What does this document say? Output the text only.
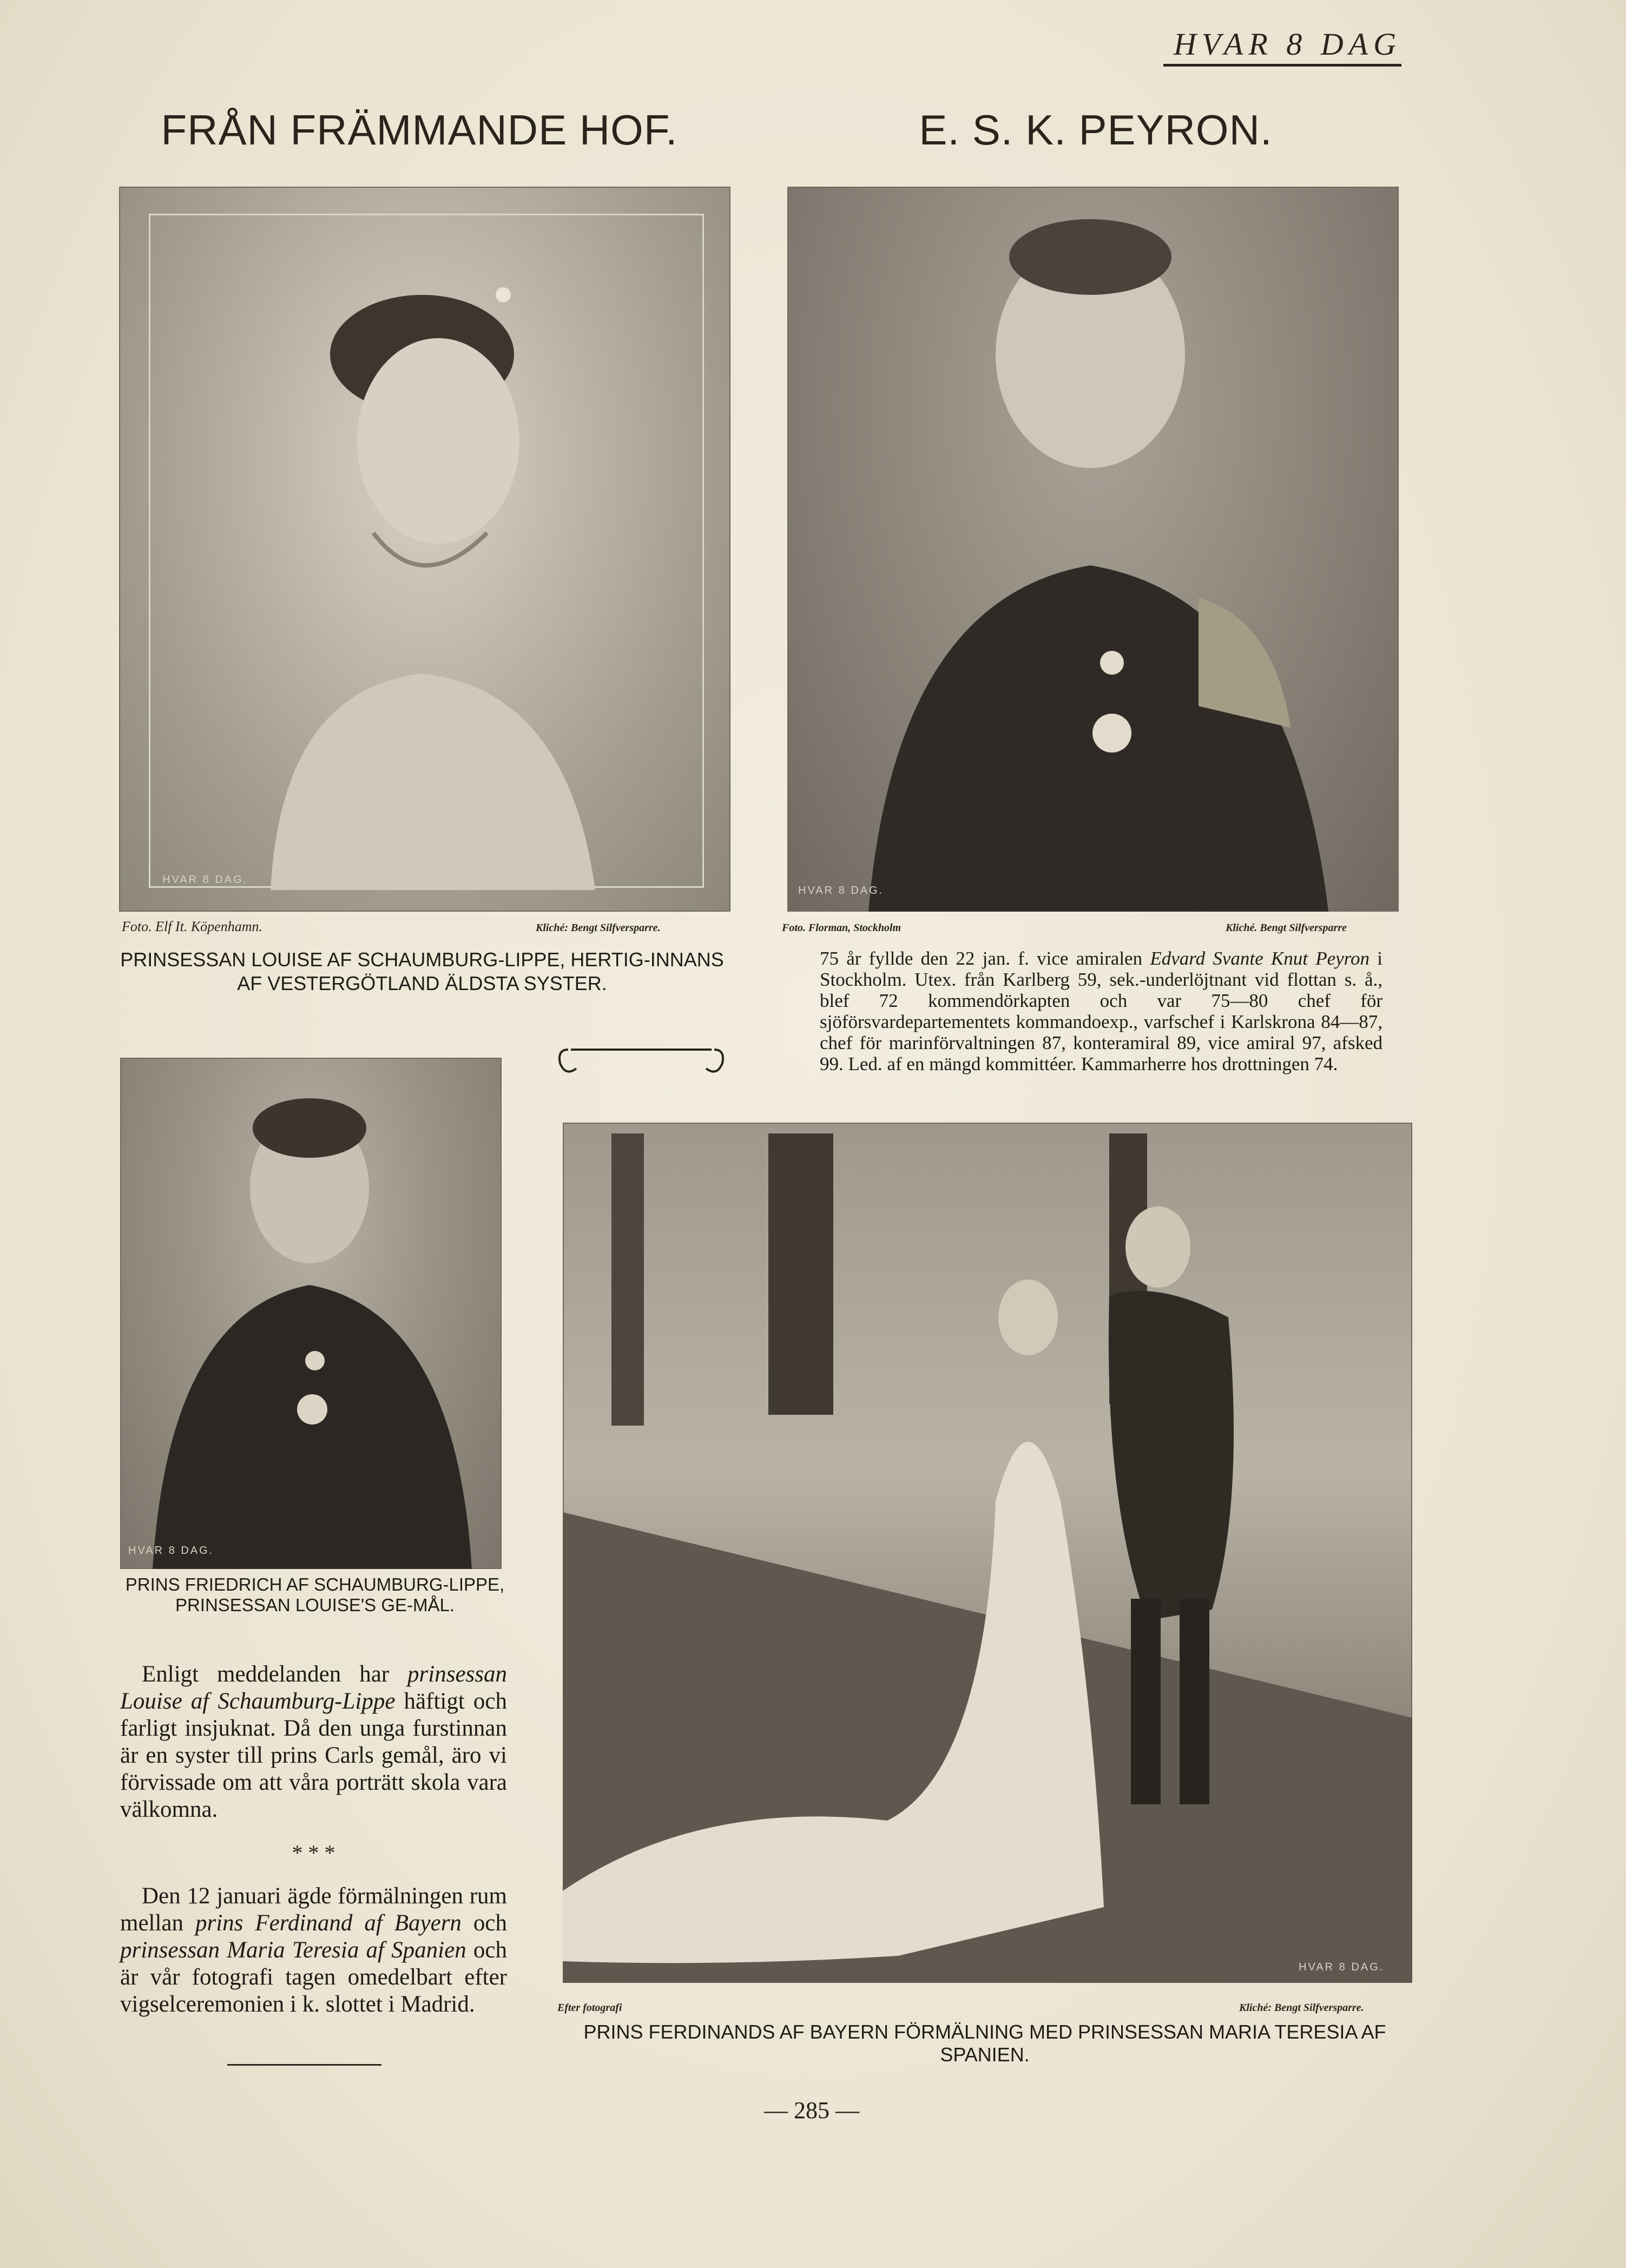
HVAR 8 DAG
FRÅN FRÄMMANDE HOF.	E. S. K. PEYRON.
HVAR 8 DAG.
HVAR 8 DAG.
Foto. Elf It. Köpenhamn.	Kliché: Bengt Silfversparre.	Foto. Florman, Stockholm	Kliché. Bengt Silfversparre
PRINSESSAN LOUISE AF SCHAUMBURG-LIPPE, HERTIG-INNANS AF VESTERGÖTLAND ÄLDSTA SYSTER.
75 år fyllde den 22 jan. f. vice amiralen Edvard Svante Knut Peyron i Stockholm. Utex. från Karlberg 59, sek.-underlöjtnant vid flottan s. å., blef 72 kommendörkapten och var 75—80 chef för sjöförsvardepartementets kommandoexp., varfschef i Karlskrona 84—87, chef för marinförvaltningen 87, konteramiral 89, vice amiral 97, afsked 99. Led. af en mängd kommittéer. Kammarherre hos drottningen 74.
HVAR 8 DAG.
PRINS FRIEDRICH AF SCHAUMBURG-LIPPE, PRINSESSAN LOUISE'S GE-MÅL.
Enligt meddelanden har prinsessan Louise af Schaumburg-Lippe häftigt och farligt insjuknat. Då den unga furstinnan är en syster till prins Carls gemål, äro vi förvissade om att våra porträtt skola vara välkomna.
* * *
Den 12 januari ägde förmälningen rum mellan prins Ferdinand af Bayern och prinsessan Maria Teresia af Spanien och är vår fotografi tagen omedelbart efter vigselceremonien i k. slottet i Madrid.
HVAR 8 DAG.
Efter fotografi	Kliché: Bengt Silfversparre.
PRINS FERDINANDS AF BAYERN FÖRMÄLNING MED PRINSESSAN MARIA TERESIA AF SPANIEN.
— 285 —
